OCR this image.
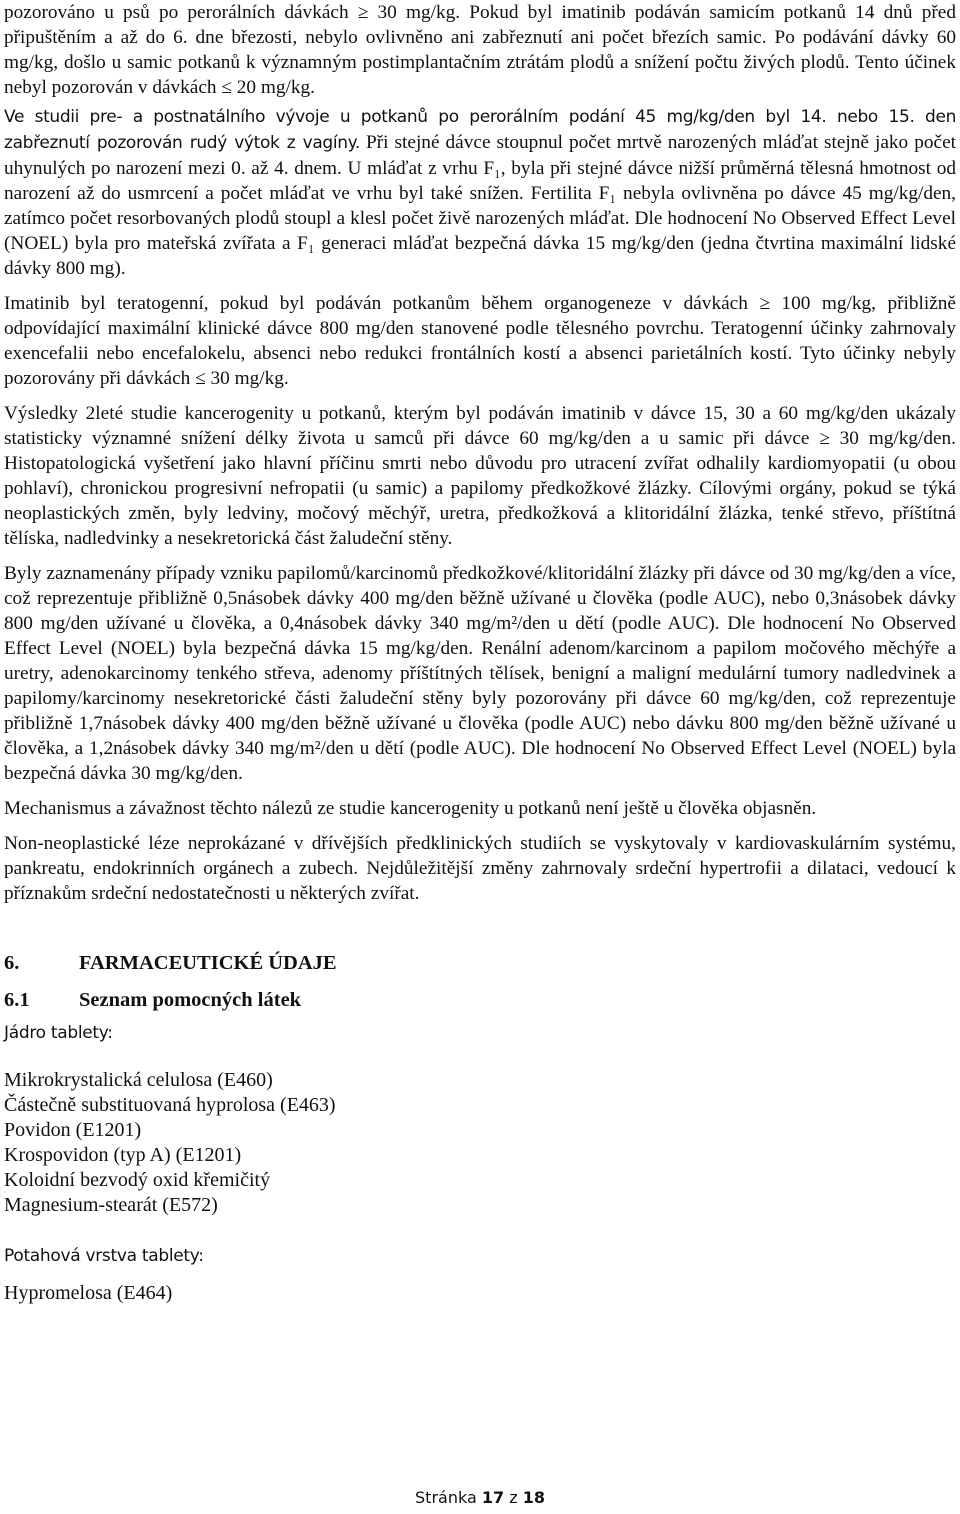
pozorováno u psů po perorálních dávkách ≥ 30 mg/kg. Pokud byl imatinib podáván samicím potkanů 14 dnů před připuštěním a až do 6. dne březosti, nebylo ovlivněno ani zabřeznutí ani počet březích samic. Po podávání dávky 60 mg/kg, došlo u samic potkanů k významným postimplantačním ztrátám plodů a snížení počtu živých plodů. Tento účinek nebyl pozorován v dávkách ≤ 20 mg/kg.

Ve studii pre- a postnatálního vývoje u potkanů po perorálním podání 45 mg/kg/den byl 14. nebo 15. den zabřeznutí pozorován rudý výtok z vagíny. Při stejné dávce stoupnul počet mrtvě narozených mláďat stejně jako počet uhynulých po narození mezi 0. až 4. dnem. U mláďat z vrhu F₁, byla při stejné dávce nižší průměrná tělesná hmotnost od narození až do usmrcení a počet mláďat ve vrhu byl také snížen. Fertilita F₁ nebyla ovlivněna po dávce 45 mg/kg/den, zatímco počet resorbovaných plodů stoupl a klesl počet živě narozených mláďat. Dle hodnocení No Observed Effect Level (NOEL) byla pro mateřská zvířata a F₁ generaci mláďat bezpečná dávka 15 mg/kg/den (jedna čtvrtina maximální lidské dávky 800 mg).

Imatinib byl teratogenní, pokud byl podáván potkanům během organogeneze v dávkách ≥ 100 mg/kg, přibližně odpovídající maximální klinické dávce 800 mg/den stanovené podle tělesného povrchu. Teratogenní účinky zahrnovaly exencefalii nebo encefalokelu, absenci nebo redukci frontálních kostí a absenci parietálních kostí. Tyto účinky nebyly pozorovány při dávkách ≤ 30 mg/kg.

Výsledky 2leté studie kancerogenity u potkanů, kterým byl podáván imatinib v dávce 15, 30 a 60 mg/kg/den ukázaly statisticky významné snížení délky života u samců při dávce 60 mg/kg/den a u samic při dávce ≥ 30 mg/kg/den. Histopatologická vyšetření jako hlavní příčinu smrti nebo důvodu pro utracení zvířat odhalily kardiomyopatii (u obou pohlaví), chronickou progresivní nefropatii (u samic) a papilomy předkožkové žlázky. Cílovými orgány, pokud se týká neoplastických změn, byly ledviny, močový měchýř, uretra, předkožková a klitoridální žlázka, tenké střevo, příštítná tělíska, nadledvinky a nesekretorická část žaludeční stěny.

Byly zaznamenány případy vzniku papilomů/karcinomů předkožkové/klitoridální žlázky při dávce od 30 mg/kg/den a více, což reprezentuje přibližně 0,5násobek dávky 400 mg/den běžně užívané u člověka (podle AUC), nebo 0,3násobek dávky 800 mg/den užívané u člověka, a 0,4násobek dávky 340 mg/m²/den u dětí (podle AUC). Dle hodnocení No Observed Effect Level (NOEL) byla bezpečná dávka 15 mg/kg/den. Renální adenom/karcinom a papilom močového měchýře a uretry, adenokarcinomy tenkého střeva, adenomy příštítných tělísek, benigní a maligní medulární tumory nadledvinek a papilomy/karcinomy nesekretorické části žaludeční stěny byly pozorovány při dávce 60 mg/kg/den, což reprezentuje přibližně 1,7násobek dávky 400 mg/den běžně užívané u člověka (podle AUC) nebo dávku 800 mg/den běžně užívané u člověka, a 1,2násobek dávky 340 mg/m²/den u dětí (podle AUC). Dle hodnocení No Observed Effect Level (NOEL) byla bezpečná dávka 30 mg/kg/den.

Mechanismus a závažnost těchto nálezů ze studie kancerogenity u potkanů není ještě u člověka objasněn.

Non-neoplastické léze neprokázané v dřívějších předklinických studiích se vyskytovaly v kardiovaskulárním systému, pankreatu, endokrinních orgánech a zubech. Nejdůležitější změny zahrnovaly srdeční hypertrofii a dilataci, vedoucí k příznakům srdeční nedostatečnosti u některých zvířat.

6.	FARMACEUTICKÉ ÚDAJE
6.1	Seznam pomocných látek
Jádro tablety:
Mikrokrystalická celulosa (E460)
Částečně substituovaná hyprolosa (E463)
Povidon (E1201)
Krospovidon (typ A) (E1201)
Koloidní bezvodý oxid křemičitý
Magnesium-stearát (E572)
Potahová vrstva tablety:
Hypromelosa (E464)
Stránka 17 z 18
